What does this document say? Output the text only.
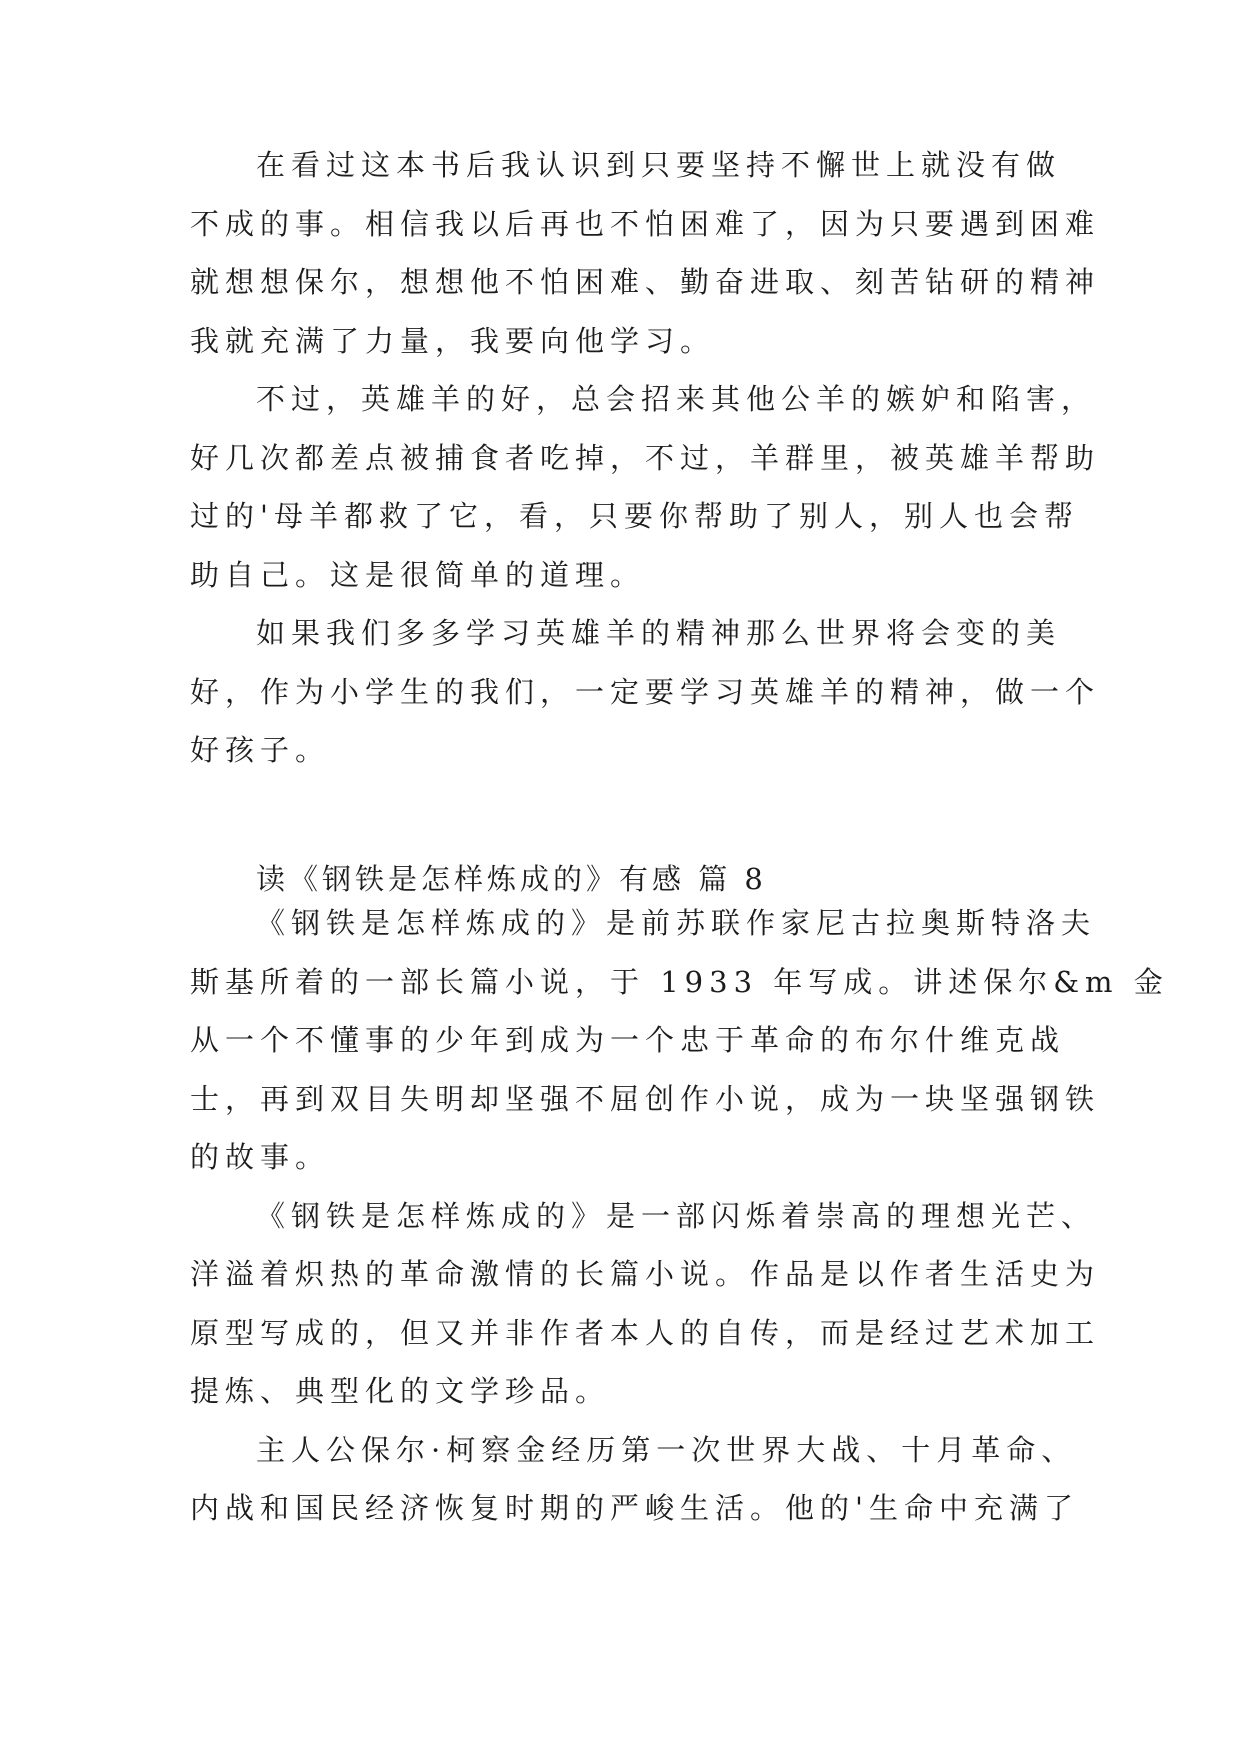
在看过这本书后我认识到只要坚持不懈世上就没有做
不成的事。相信我以后再也不怕困难了，因为只要遇到困难
就想想保尔，想想他不怕困难、勤奋进取、刻苦钻研的精神
我就充满了力量，我要向他学习。

不过，英雄羊的好，总会招来其他公羊的嫉妒和陷害，
好几次都差点被捕食者吃掉，不过，羊群里，被英雄羊帮助
过的'母羊都救了它，看，只要你帮助了别人，别人也会帮
助自己。这是很简单的道理。

如果我们多多学习英雄羊的精神那么世界将会变的美
好，作为小学生的我们，一定要学习英雄羊的精神，做一个
好孩子。

读《钢铁是怎样炼成的》有感 篇 8

《钢铁是怎样炼成的》是前苏联作家尼古拉奥斯特洛夫
斯基所着的一部长篇小说，于 1933 年写成。讲述保尔&m 金
从一个不懂事的少年到成为一个忠于革命的布尔什维克战
士，再到双目失明却坚强不屈创作小说，成为一块坚强钢铁
的故事。

《钢铁是怎样炼成的》是一部闪烁着崇高的理想光芒、
洋溢着炽热的革命激情的长篇小说。作品是以作者生活史为
原型写成的，但又并非作者本人的自传，而是经过艺术加工
提炼、典型化的文学珍品。

主人公保尔·柯察金经历第一次世界大战、十月革命、
内战和国民经济恢复时期的严峻生活。他的'生命中充满了
